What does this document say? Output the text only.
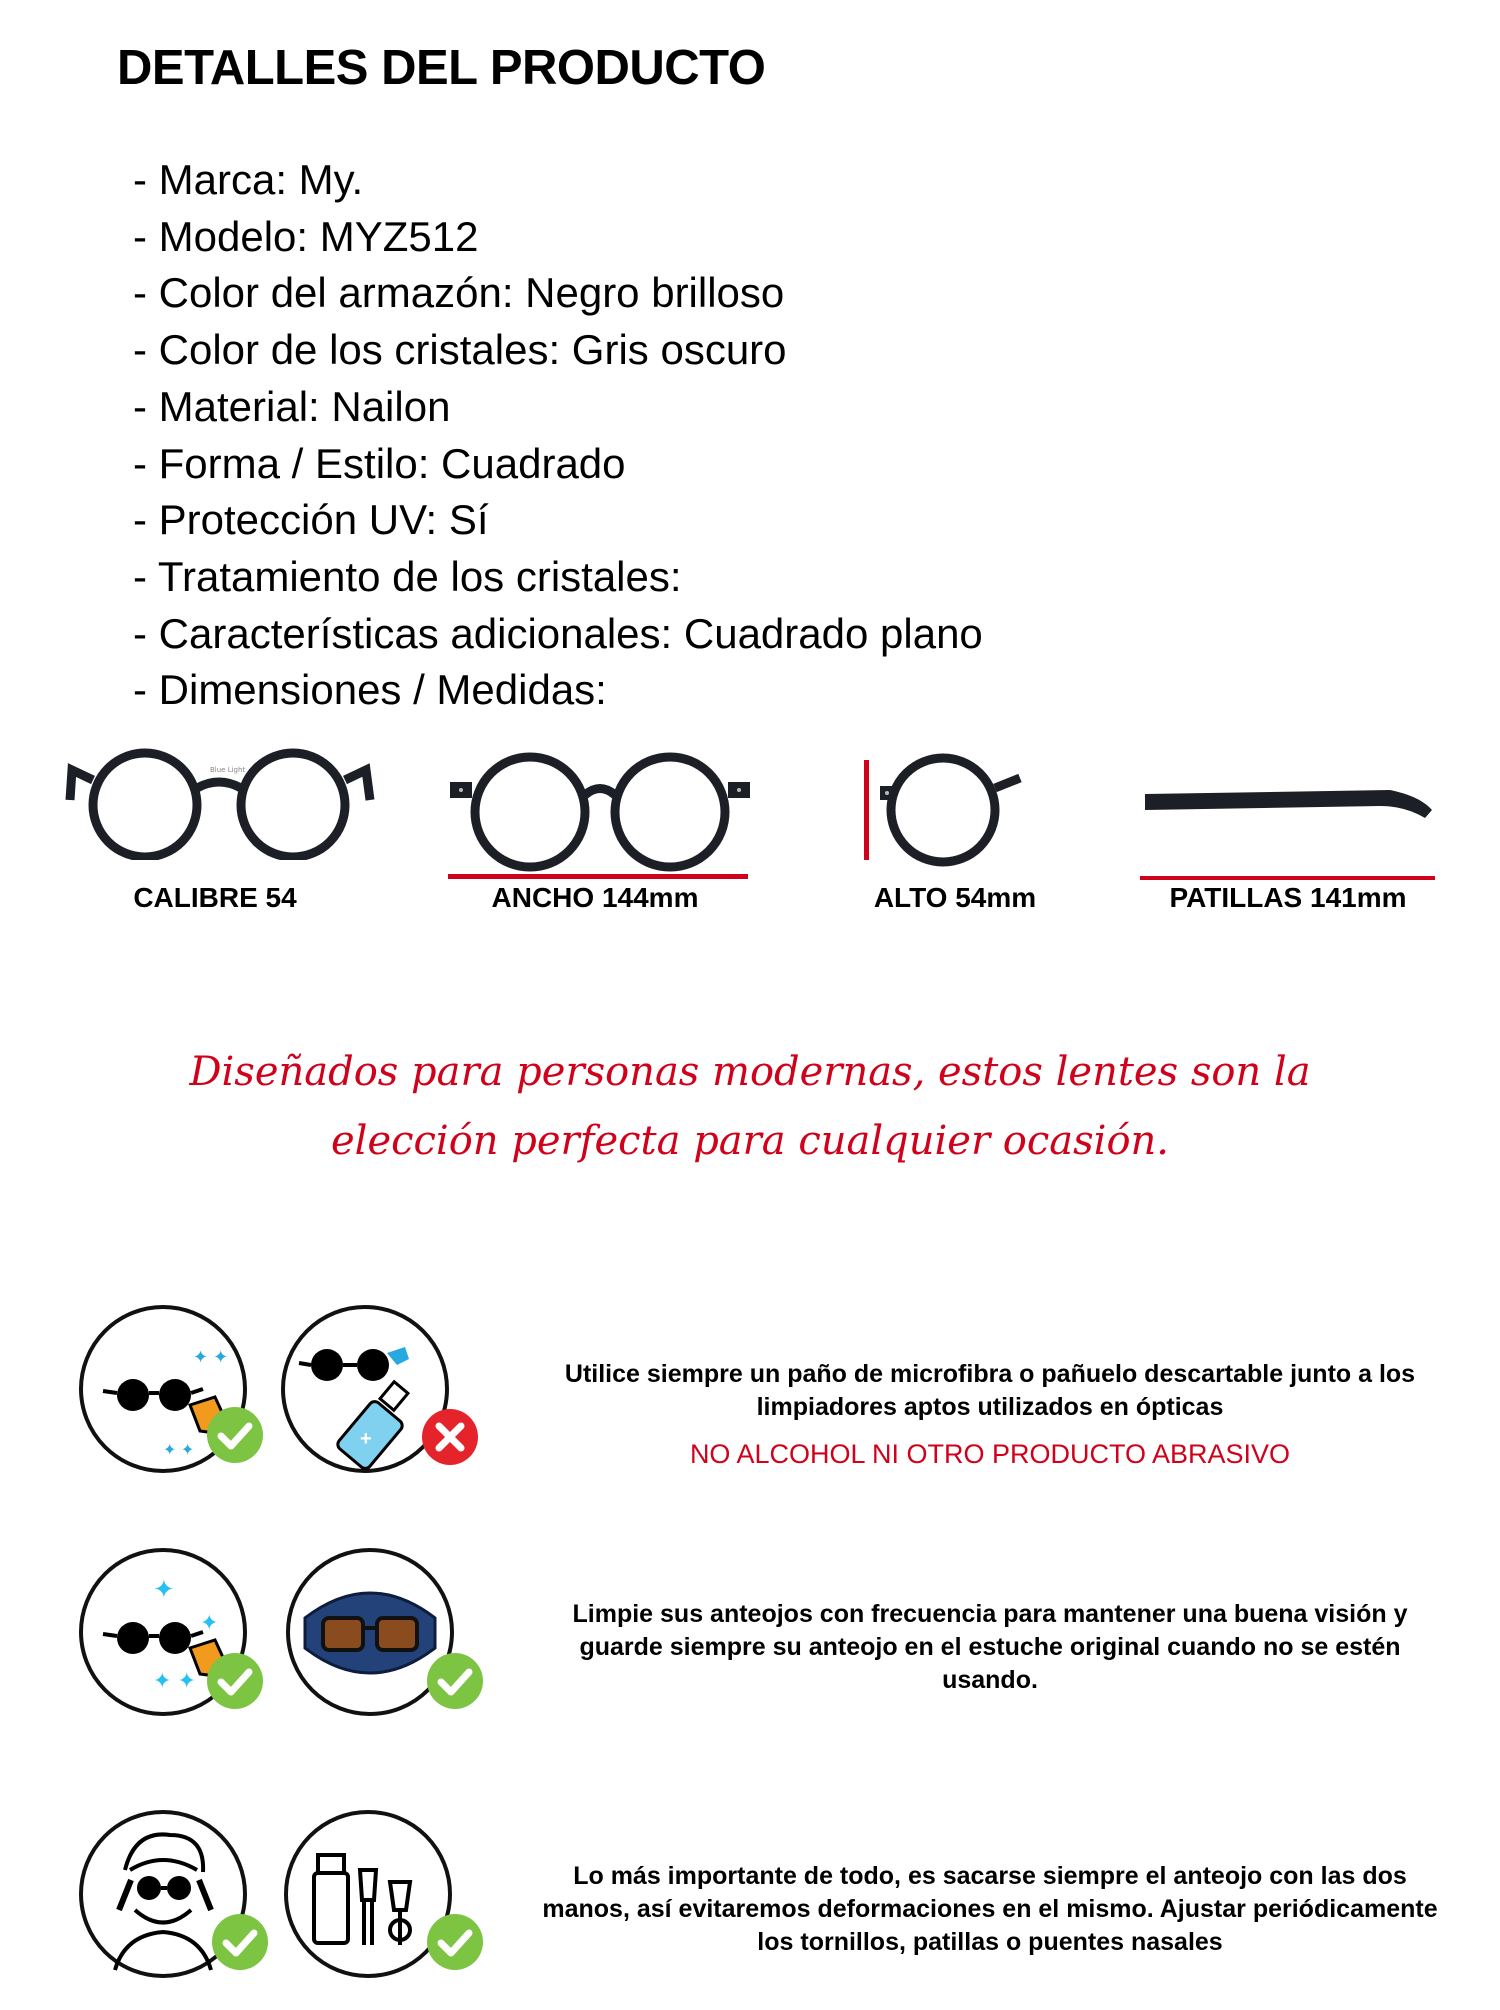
DETALLES DEL PRODUCTO
- Marca: My.
- Modelo: MYZ512
- Color del armazón: Negro brilloso
- Color de los cristales: Gris oscuro
- Material: Nailon
- Forma / Estilo: Cuadrado
- Protección UV: Sí
- Tratamiento de los cristales:
- Características adicionales: Cuadrado plano
- Dimensiones / Medidas:
Blue Light
CALIBRE 54	ANCHO 144mm	ALTO 54mm	PATILLAS 141mm
Diseñados para personas modernas, estos lentes son la elección perfecta para cualquier ocasión.
✦ ✦
✦ ✦
+
Utilice siempre un paño de microfibra o pañuelo descartable junto a los limpiadores aptos utilizados en ópticas
NO ALCOHOL NI OTRO PRODUCTO ABRASIVO
✦
✦
✦ ✦
Limpie sus anteojos con frecuencia para mantener una buena visión y guarde siempre su anteojo en el estuche original cuando no se estén usando.
Lo más importante de todo, es sacarse siempre el anteojo con las dos manos, así evitaremos deformaciones en el mismo. Ajustar periódicamente los tornillos, patillas o puentes nasales
